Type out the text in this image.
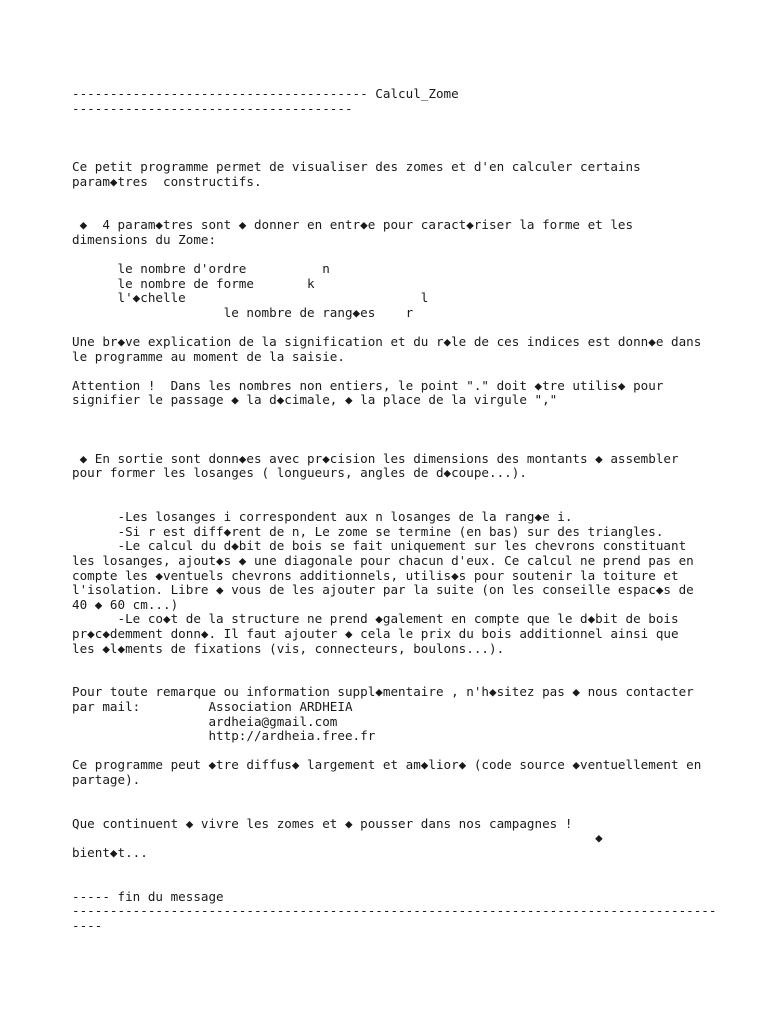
--------------------------------------- Calcul_Zome
-------------------------------------
Ce petit programme permet de visualiser des zomes et d'en calculer certains
param◆tres  constructifs.
◆  4 param◆tres sont ◆ donner en entr◆e pour caract◆riser la forme et les
dimensions du Zome:
le nombre d'ordre          n
le nombre de forme       k
l'◆chelle                               l
le nombre de rang◆es    r
Une br◆ve explication de la signification et du r◆le de ces indices est donn◆e dans
le programme au moment de la saisie.
Attention !  Dans les nombres non entiers, le point "." doit ◆tre utilis◆ pour
signifier le passage ◆ la d◆cimale, ◆ la place de la virgule ","
◆ En sortie sont donn◆es avec pr◆cision les dimensions des montants ◆ assembler
pour former les losanges ( longueurs, angles de d◆coupe...).
-Les losanges i correspondent aux n losanges de la rang◆e i.
-Si r est diff◆rent de n, Le zome se termine (en bas) sur des triangles.
-Le calcul du d◆bit de bois se fait uniquement sur les chevrons constituant
les losanges, ajout◆s ◆ une diagonale pour chacun d'eux. Ce calcul ne prend pas en
compte les ◆ventuels chevrons additionnels, utilis◆s pour soutenir la toiture et
l'isolation. Libre ◆ vous de les ajouter par la suite (on les conseille espac◆s de
40 ◆ 60 cm...)
-Le co◆t de la structure ne prend ◆galement en compte que le d◆bit de bois
pr◆c◆demment donn◆. Il faut ajouter ◆ cela le prix du bois additionnel ainsi que
les ◆l◆ments de fixations (vis, connecteurs, boulons...).
Pour toute remarque ou information suppl◆mentaire , n'h◆sitez pas ◆ nous contacter
par mail:         Association ARDHEIA
ardheia@gmail.com
http://ardheia.free.fr
Ce programme peut ◆tre diffus◆ largement et am◆lior◆ (code source ◆ventuellement en
partage).
Que continuent ◆ vivre les zomes et ◆ pousser dans nos campagnes !
◆
bient◆t...
----- fin du message
-------------------------------------------------------------------------------------
----
